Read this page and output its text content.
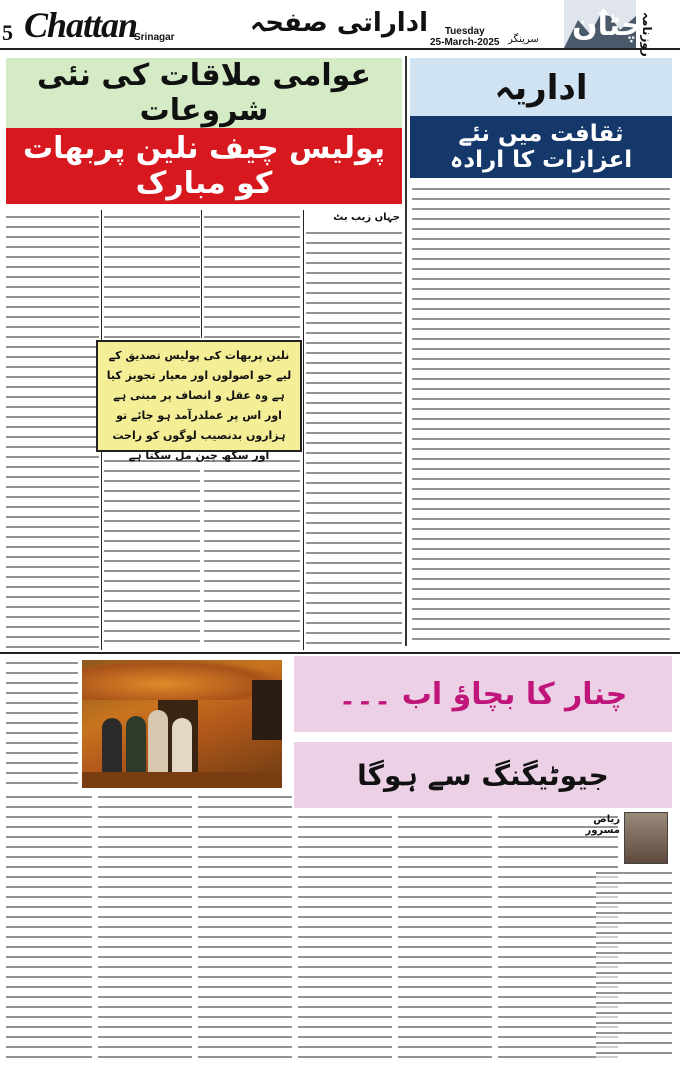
5 Chattan
Srinagar	اداراتی صفحہ	Tuesday
25-March-2025 سرینگر چٹان
روزنامہ
اداریہ
ثقافت میں نئے اعزازات کا ارادہ
عوامی ملاقات کی نئی شروعات
پولیس چیف نلین پربھات کو مبارک
جہاں زیب بٹ
نلین پربھات کی پولیس تصدیق کے لیے جو اصولوں اور معیار تجویز کیا ہے وہ عقل و انصاف پر مبنی ہے اور اس پر عملدرآمد ہو جائے تو ہزاروں بدنصیب لوگوں کو راحت اور سکھ چین مل سکتا ہے
چنار کا بچاؤ اب ۔۔۔
جیوٹیگنگ سے ہوگا
ریاض مسرور
